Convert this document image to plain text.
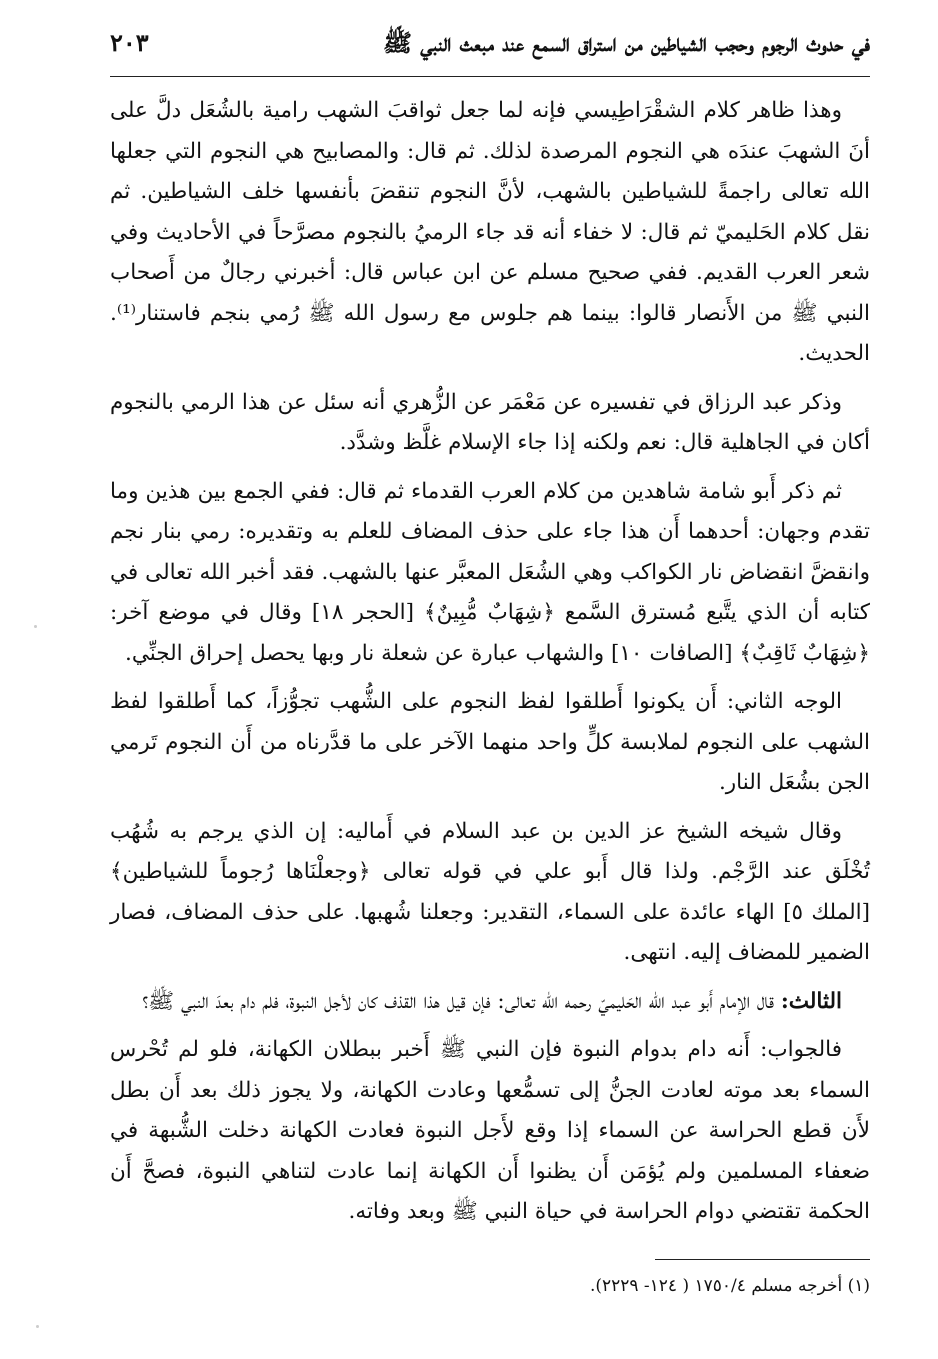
في حدوث الرجوم وحجب الشياطين من استراق السمع عند مبعث النبي ﷺ
٢٠٣

وهذا ظاهر كلام الشقْرَاطِيسي فإنه لما جعل ثواقبَ الشهب رامية بالشُعَل دلَّ على أنَ الشهبَ عندَه هي النجوم المرصدة لذلك. ثم قال: والمصابيح هي النجوم التي جعلها الله تعالى راجمةً للشياطين بالشهب، لأنَّ النجوم تنقضَ بأنفسها خلف الشياطين. ثم نقل كلام الحَليميّ ثم قال: لا خفاء أنه قد جاء الرميُ بالنجوم مصرَّحاً في الأحاديث وفي شعر العرب القديم. ففي صحيح مسلم عن ابن عباس قال: أخبرني رجالٌ من أَصحاب النبي ﷺ من الأَنصار قالوا: بينما هم جلوس مع رسول الله ﷺ رُمي بنجم فاستنار⁽¹⁾. الحديث.

وذكر عبد الرزاق في تفسيره عن مَعْمَر عن الزُّهري أنه سئل عن هذا الرمي بالنجوم أكان في الجاهلية قال: نعم ولكنه إذا جاء الإسلام غلَّظ وشدَّد.

ثم ذكر أَبو شامة شاهدين من كلام العرب القدماء ثم قال: ففي الجمع بين هذين وما تقدم وجهان: أحدهما أَن هذا جاء على حذف المضاف للعلم به وتقديره: رمي بنار نجم وانقضَّ انقضاض نار الكواكب وهي الشُعَل المعبَّر عنها بالشهب. فقد أخبر الله تعالى في كتابه أن الذي يتَّبع مُسترق السَّمع ﴿شِهَابٌ مُّبِينٌ﴾ [الحجر ١٨] وقال في موضع آخر: ﴿شِهَابٌ ثَاقِبٌ﴾ [الصافات ١٠] والشهاب عبارة عن شعلة نار وبها يحصل إحراق الجنِّي.

الوجه الثاني: أَن يكونوا أَطلقوا لفظ النجوم على الشُّهب تجوُّزاً، كما أَطلقوا لفظ الشهب على النجوم لملابسة كلٍّ واحد منهما الآخر على ما قدَّرناه من أَن النجوم تَرمي الجن بشُعَل النار.

وقال شيخه الشيخ عز الدين بن عبد السلام في أَماليه: إن الذي يرجم به شُهُب تُخْلَق عند الرَّجْم. ولذا قال أَبو علي في قوله تعالى ﴿وجعلْنَاها رُجوماً للشياطين﴾ [الملك ٥] الهاء عائدة على السماء، التقدير: وجعلنا شُهبها. على حذف المضاف، فصار الضمير للمضاف إليه. انتهى.

الثالث: قال الإمام أَبو عبد الله الحَليميّ رحمه الله تعالى: فإن قيل هذا القذف كان لأجل النبوة، فلم دام بعدَ النبي ﷺ؟

فالجواب: أَنه دام بدوام النبوة فإن النبي ﷺ أَخبر ببطلان الكهانة، فلو لم تُحْرس السماء بعد موته لعادت الجنُّ إلى تسمُّعها وعادت الكهانة، ولا يجوز ذلك بعد أَن بطل لأَن قطع الحراسة عن السماء إذا وقع لأَجل النبوة فعادت الكهانة دخلت الشُّبهة في ضعفاء المسلمين ولم يُؤمَن أَن يظنوا أَن الكهانة إنما عادت لتناهي النبوة، فصحَّ أَن الحكمة تقتضي دوام الحراسة في حياة النبي ﷺ وبعد وفاته.

(١) أخرجه مسلم ١٧٥٠/٤ ( ١٢٤- ٢٢٢٩).
